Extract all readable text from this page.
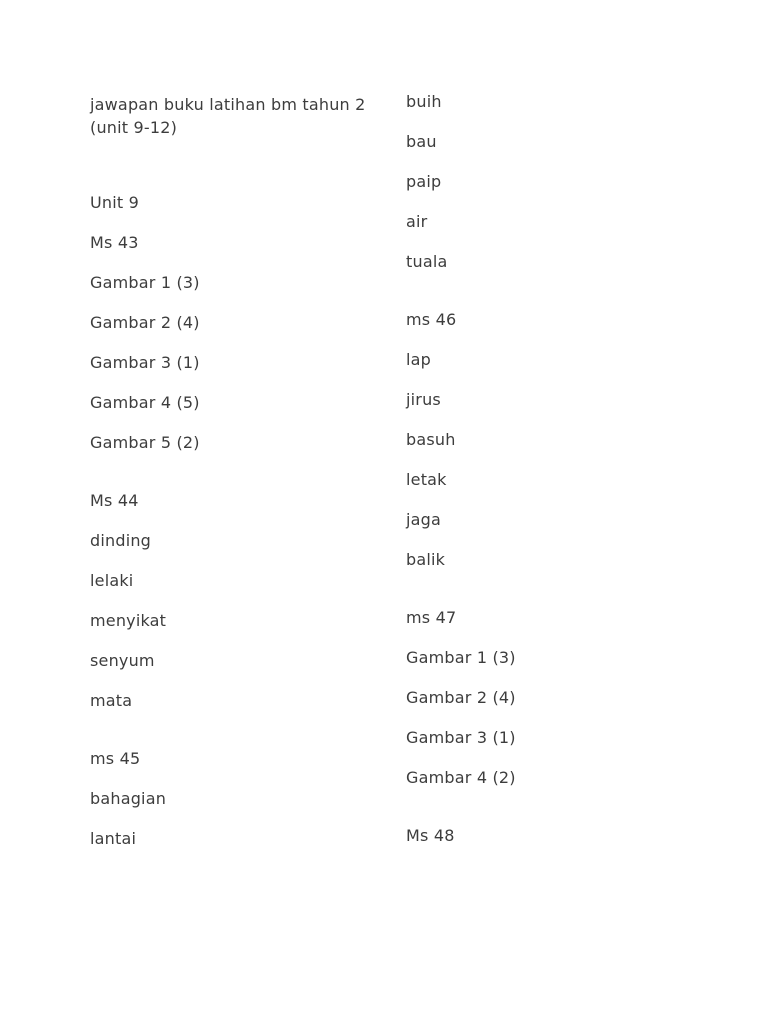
jawapan buku latihan bm tahun 2 (unit 9-12)

Unit 9

Ms 43

Gambar 1 (3)

Gambar 2 (4)

Gambar 3 (1)

Gambar 4 (5)

Gambar 5 (2)

Ms 44

dinding

lelaki

menyikat

senyum

mata

ms 45

bahagian

lantai

buih

bau

paip

air

tuala

ms 46

lap

jirus

basuh

letak

jaga

balik

ms 47

Gambar 1 (3)

Gambar 2 (4)

Gambar 3 (1)

Gambar 4 (2)

Ms 48
